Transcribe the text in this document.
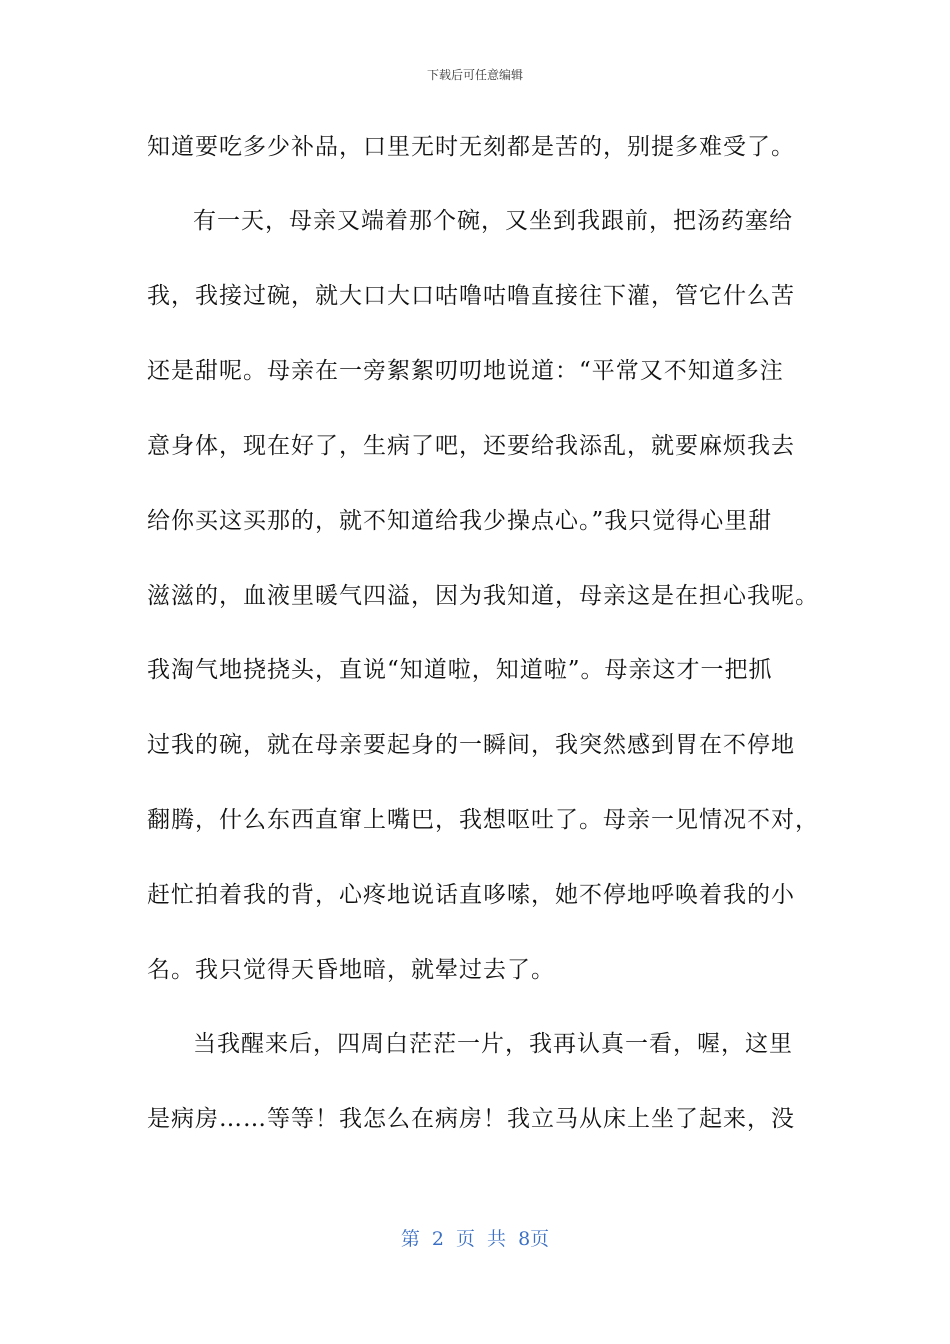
下载后可任意编辑
知道要吃多少补品，口里无时无刻都是苦的，别提多难受了。
有一天，母亲又端着那个碗，又坐到我跟前，把汤药塞给
我，我接过碗，就大口大口咕噜咕噜直接往下灌，管它什么苦
还是甜呢。母亲在一旁絮絮叨叨地说道：“平常又不知道多注
意身体，现在好了，生病了吧，还要给我添乱，就要麻烦我去
给你买这买那的，就不知道给我少操点心。”我只觉得心里甜
滋滋的，血液里暖气四溢，因为我知道，母亲这是在担心我呢。
我淘气地挠挠头，直说“知道啦，知道啦”。母亲这才一把抓
过我的碗，就在母亲要起身的一瞬间，我突然感到胃在不停地
翻腾，什么东西直窜上嘴巴，我想呕吐了。母亲一见情况不对，
赶忙拍着我的背，心疼地说话直哆嗦，她不停地呼唤着我的小
名。我只觉得天昏地暗，就晕过去了。
当我醒来后，四周白茫茫一片，我再认真一看，喔，这里
是病房……等等！我怎么在病房！我立马从床上坐了起来，没
第 2 页 共 8页
